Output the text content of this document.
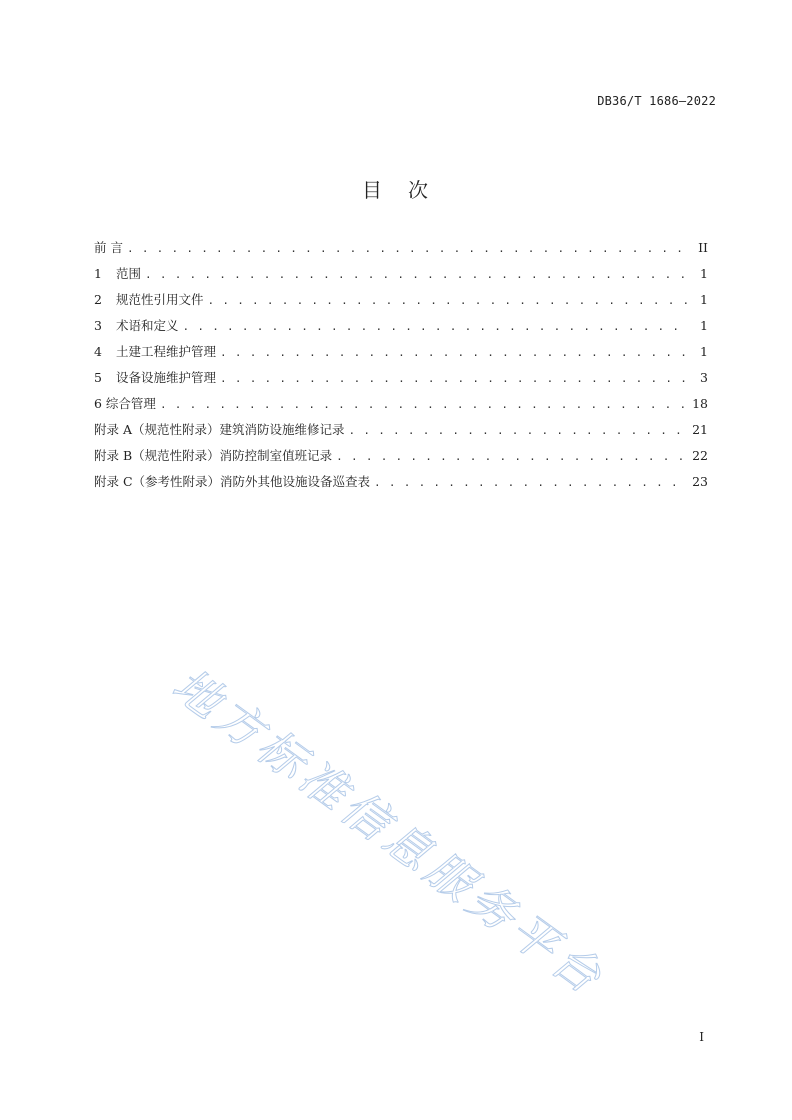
DB36/T 1686—2022
目 次
前 言 . . .	II
1	范围 . . .	1
2	规范性引用文件 . . .	1
3	术语和定义 . . .	1
4	土建工程维护管理 . . .	1
5	设备设施维护管理 . . .	3
6 综合管理 . . .	18
附录 A（规范性附录）建筑消防设施维修记录 . . .	21
附录 B（规范性附录）消防控制室值班记录 . . .	22
附录 C（参考性附录）消防外其他设施设备巡查表 . . .	23
地方标准信息服务平台
I
